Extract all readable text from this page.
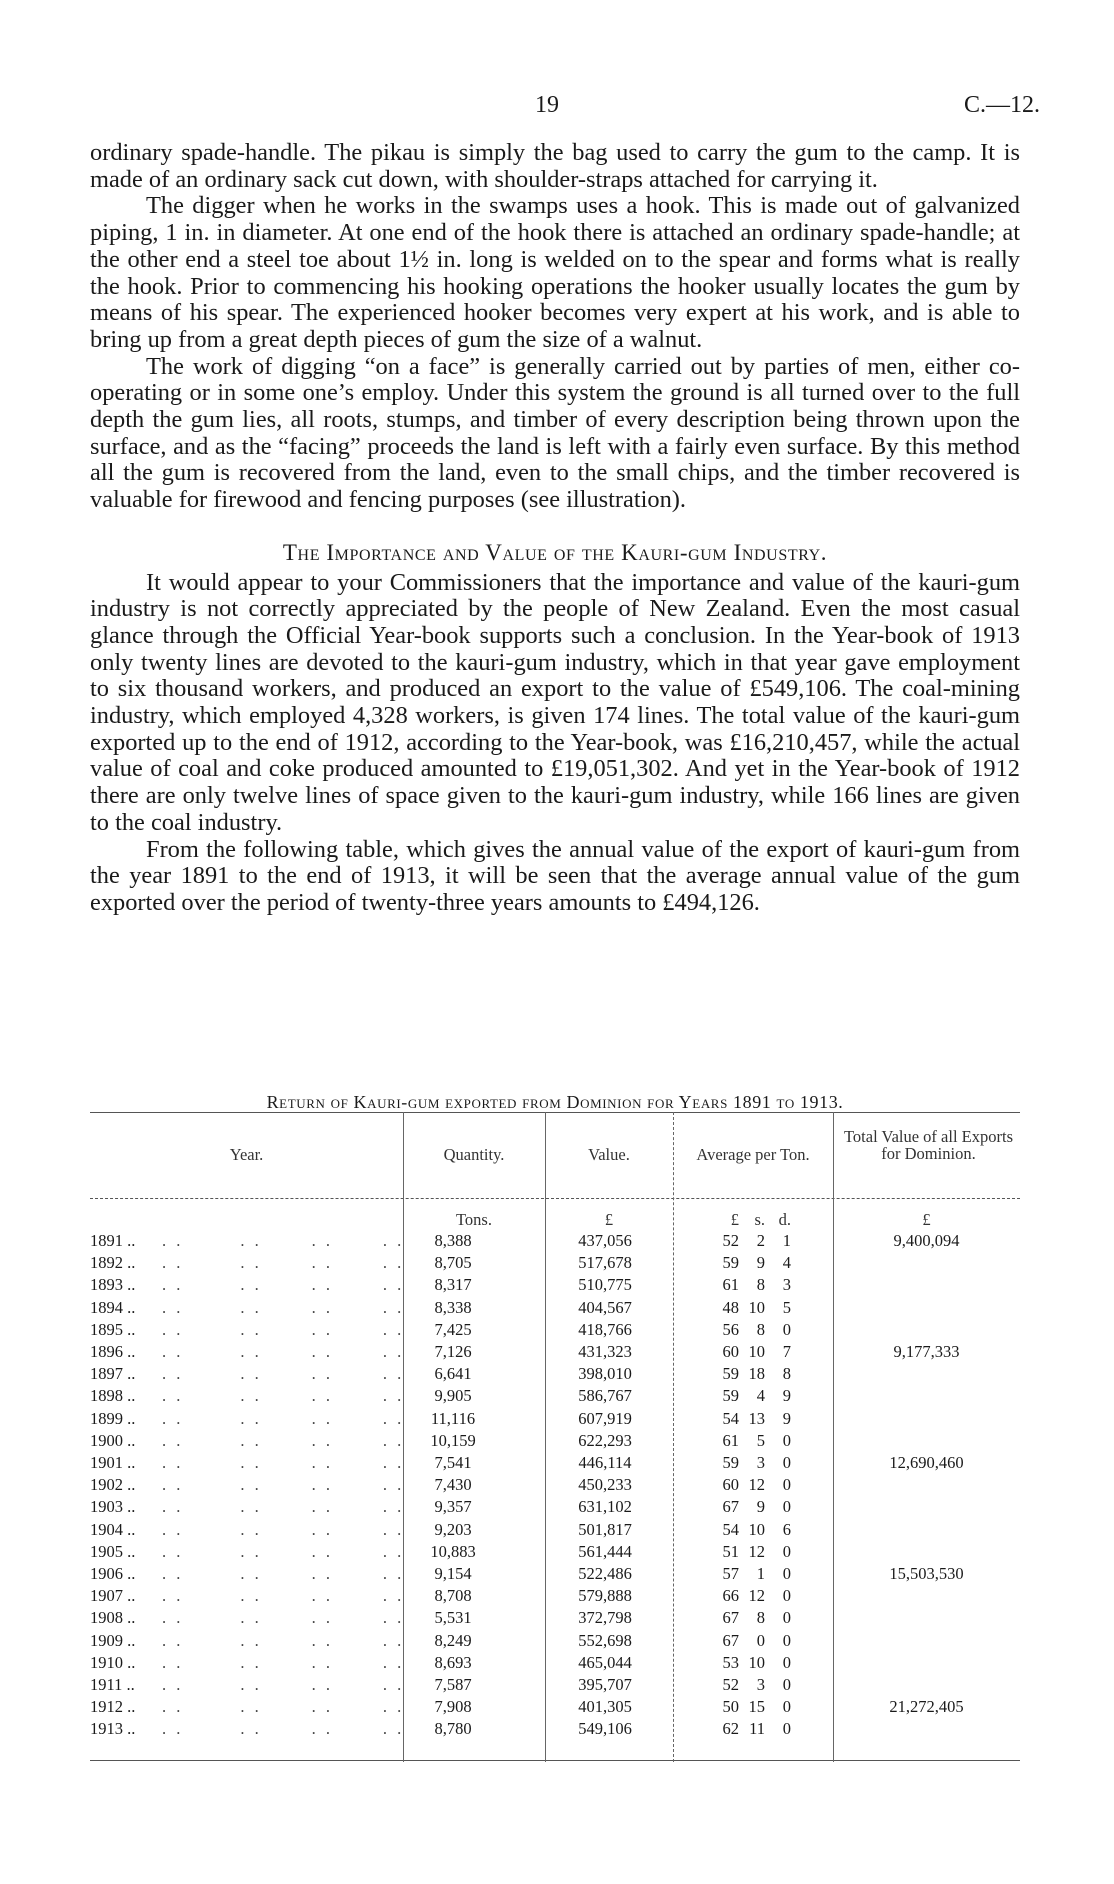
19	C.—12.

ordinary spade-handle. The pikau is simply the bag used to carry the gum to the camp. It is made of an ordinary sack cut down, with shoulder-straps attached for carrying it.

The digger when he works in the swamps uses a hook. This is made out of galvanized piping, 1 in. in diameter. At one end of the hook there is attached an ordinary spade-handle; at the other end a steel toe about 1½ in. long is welded on to the spear and forms what is really the hook. Prior to commencing his hooking operations the hooker usually locates the gum by means of his spear. The experienced hooker becomes very expert at his work, and is able to bring up from a great depth pieces of gum the size of a walnut.

The work of digging “on a face” is generally carried out by parties of men, either co-operating or in some one’s employ. Under this system the ground is all turned over to the full depth the gum lies, all roots, stumps, and timber of every description being thrown upon the surface, and as the “facing” proceeds the land is left with a fairly even surface. By this method all the gum is recovered from the land, even to the small chips, and the timber recovered is valuable for firewood and fencing purposes (see illustration).

The Importance and Value of the Kauri-gum Industry.

It would appear to your Commissioners that the importance and value of the kauri-gum industry is not correctly appreciated by the people of New Zealand. Even the most casual glance through the Official Year-book supports such a conclusion. In the Year-book of 1913 only twenty lines are devoted to the kauri-gum industry, which in that year gave employment to six thousand workers, and produced an export to the value of £549,106. The coal-mining industry, which employed 4,328 workers, is given 174 lines. The total value of the kauri-gum exported up to the end of 1912, according to the Year-book, was £16,210,457, while the actual value of coal and coke produced amounted to £19,051,302. And yet in the Year-book of 1912 there are only twelve lines of space given to the kauri-gum industry, while 166 lines are given to the coal industry.

From the following table, which gives the annual value of the export of kauri-gum from the year 1891 to the end of 1913, it will be seen that the average annual value of the gum exported over the period of twenty-three years amounts to £494,126.

Return of Kauri-gum exported from Dominion for Years 1891 to 1913.
Year.	Quantity.	Value.	Average per Ton.
Total Value of all Exports for Dominion.
Tons.	£	£ s. d.	£
. .        . .       . .       . .
1891 ..	8,388	437,056	52	2	1	9,400,094
. .        . .       . .       . .
1892 ..	8,705	517,678	59	9	4
. .        . .       . .       . .
1893 ..	8,317	510,775	61	8	3
. .        . .       . .       . .
1894 ..	8,338	404,567	48 10	5
. .        . .       . .       . .
1895 ..	7,425	418,766	56	8	0
. .        . .       . .       . .
1896 ..	7,126	431,323	60 10	7	9,177,333
. .        . .       . .       . .
1897 ..	6,641	398,010	59 18	8
. .        . .       . .       . .
1898 ..	9,905	586,767	59	4	9
. .        . .       . .       . .
1899 ..	11,116	607,919	54 13	9
. .        . .       . .       . .
1900 ..	10,159	622,293	61	5	0
. .        . .       . .       . .
1901 ..	7,541	446,114	59	3	0	12,690,460
. .        . .       . .       . .
1902 ..	7,430	450,233	60 12	0
. .        . .       . .       . .
1903 ..	9,357	631,102	67	9	0
. .        . .       . .       . .
1904 ..	9,203	501,817	54 10	6
. .        . .       . .       . .
1905 ..	10,883	561,444	51 12	0
. .        . .       . .       . .
1906 ..	9,154	522,486	57	1	0	15,503,530
. .        . .       . .       . .
1907 ..	8,708	579,888	66 12	0
. .        . .       . .       . .
1908 ..	5,531	372,798	67	8	0
. .        . .       . .       . .
1909 ..	8,249	552,698	67	0	0
. .        . .       . .       . .
1910 ..	8,693	465,044	53 10	0
. .        . .       . .       . .
1911 ..	7,587	395,707	52	3	0
. .        . .       . .       . .
1912 ..	7,908	401,305	50 15	0	21,272,405
. .        . .       . .       . .
1913 ..	8,780	549,106	62 11	0
